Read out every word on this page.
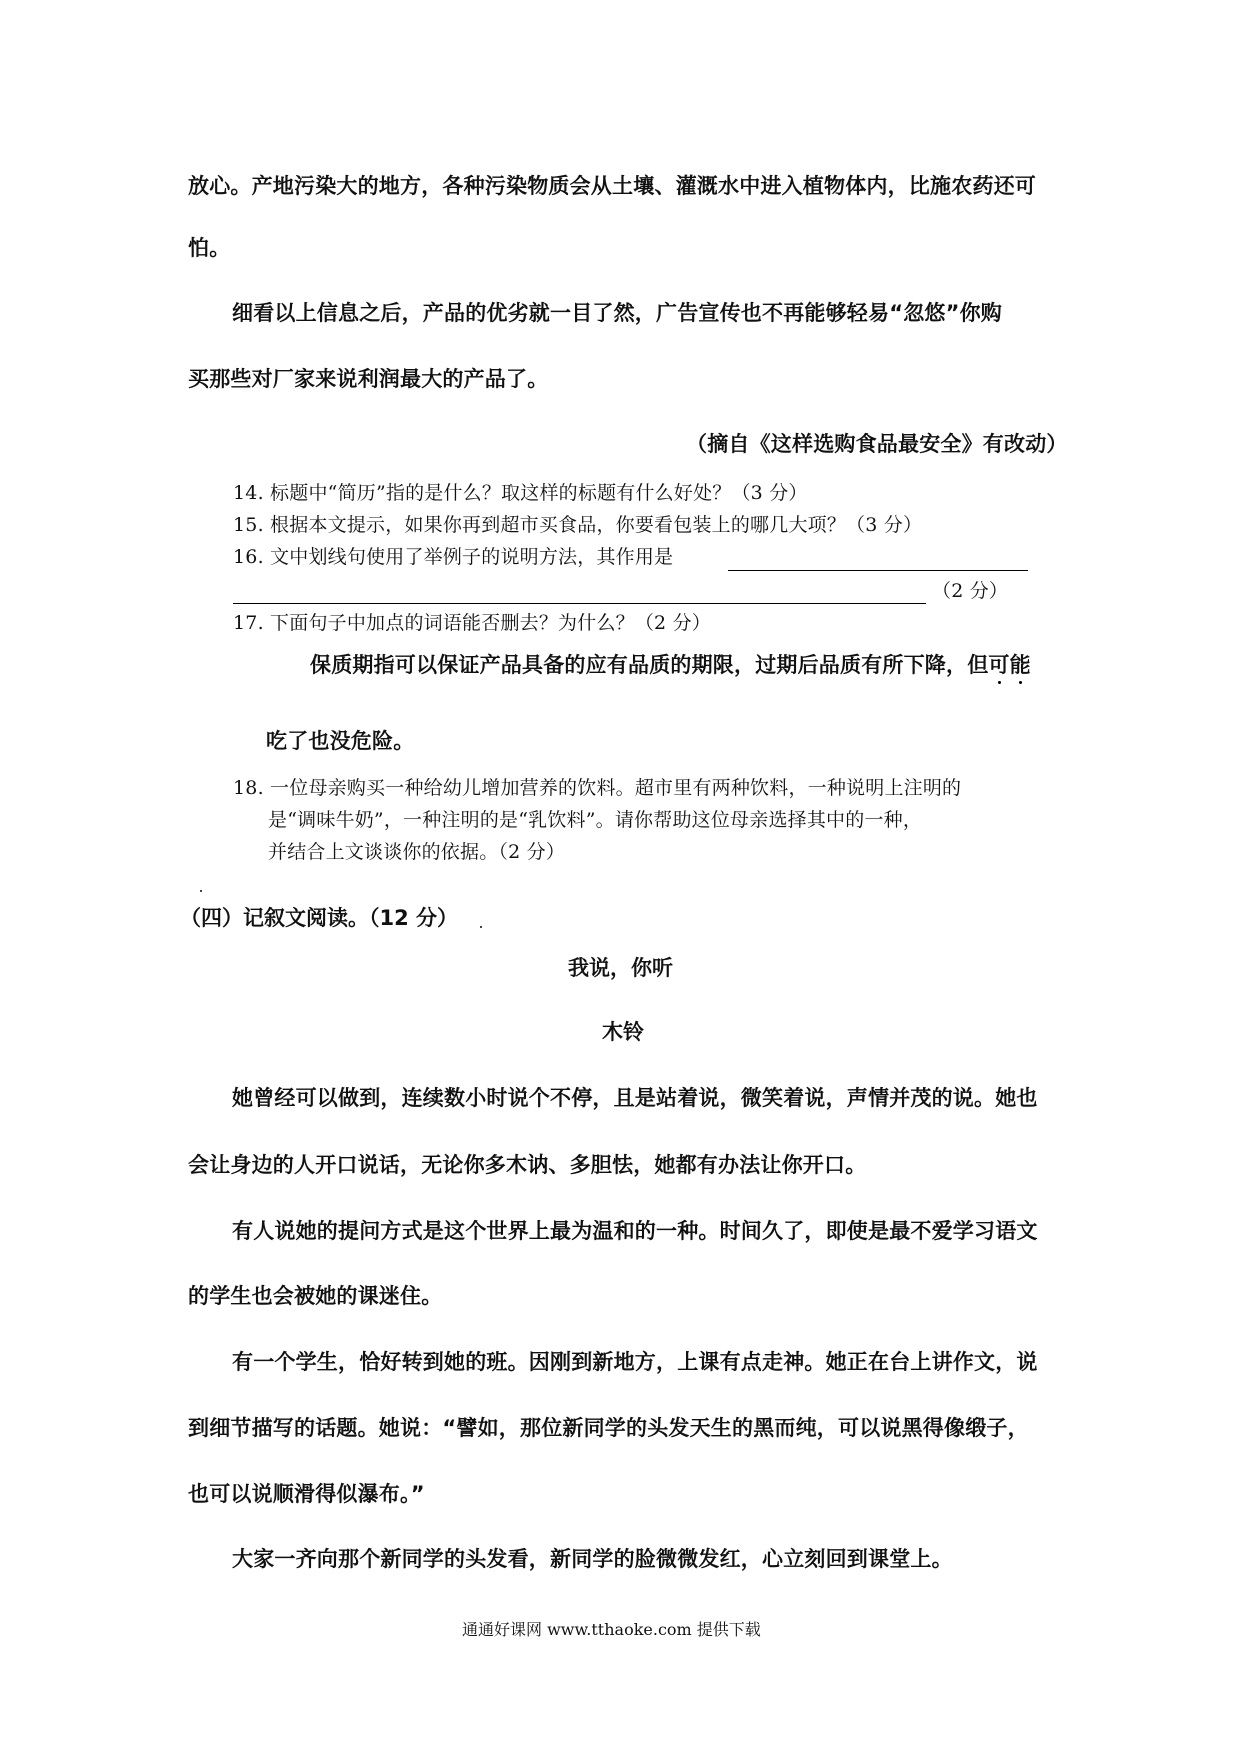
放心。产地污染大的地方，各种污染物质会从土壤、灌溉水中进入植物体内，比施农药还可
怕。
细看以上信息之后，产品的优劣就一目了然，广告宣传也不再能够轻易“忽悠”你购
买那些对厂家来说利润最大的产品了。
（摘自《这样选购食品最安全》有改动）
14. 标题中“简历”指的是什么？取这样的标题有什么好处？（3 分）
15. 根据本文提示，如果你再到超市买食品，你要看包装上的哪几大项？（3 分）
16. 文中划线句使用了举例子的说明方法，其作用是
（2 分）
17. 下面句子中加点的词语能否删去？为什么？（2 分）
保质期指可以保证产品具备的应有品质的期限，过期后品质有所下降，但可能
吃了也没危险。
18. 一位母亲购买一种给幼儿增加营养的饮料。超市里有两种饮料，一种说明上注明的
是“调味牛奶”，一种注明的是“乳饮料”。请你帮助这位母亲选择其中的一种，
并结合上文谈谈你的依据。（2 分）
（四）记叙文阅读。（12 分）
我说，你听
木铃
她曾经可以做到，连续数小时说个不停，且是站着说，微笑着说，声情并茂的说。她也
会让身边的人开口说话，无论你多木讷、多胆怯，她都有办法让你开口。
有人说她的提问方式是这个世界上最为温和的一种。时间久了，即使是最不爱学习语文
的学生也会被她的课迷住。
有一个学生，恰好转到她的班。因刚到新地方，上课有点走神。她正在台上讲作文，说
到细节描写的话题。她说：“譬如，那位新同学的头发天生的黑而纯，可以说黑得像缎子，
也可以说顺滑得似瀑布。”
大家一齐向那个新同学的头发看，新同学的脸微微发红，心立刻回到课堂上。
通通好课网 www.tthaoke.com 提供下载
